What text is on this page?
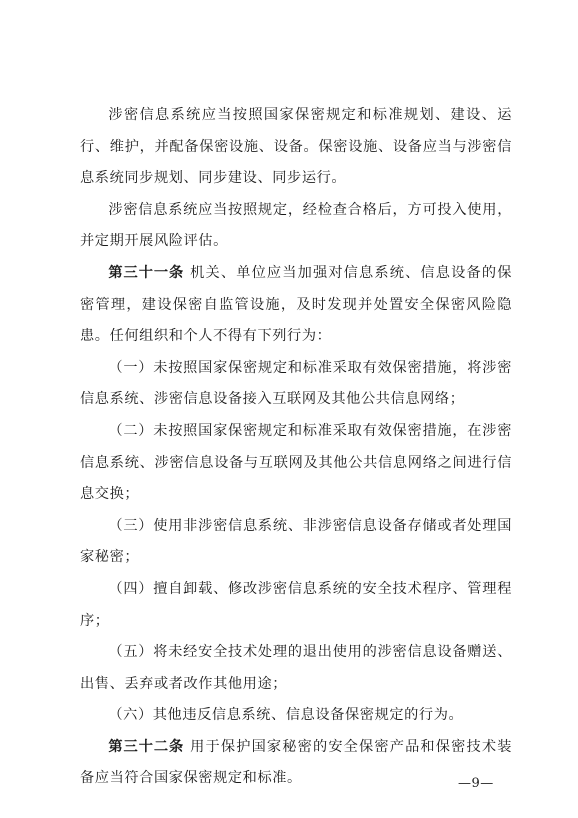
涉密信息系统应当按照国家保密规定和标准规划、建设、运行、维护，并配备保密设施、设备。保密设施、设备应当与涉密信息系统同步规划、同步建设、同步运行。

涉密信息系统应当按照规定，经检查合格后，方可投入使用，并定期开展风险评估。

第三十一条 机关、单位应当加强对信息系统、信息设备的保密管理，建设保密自监管设施，及时发现并处置安全保密风险隐患。任何组织和个人不得有下列行为：

（一）未按照国家保密规定和标准采取有效保密措施，将涉密信息系统、涉密信息设备接入互联网及其他公共信息网络；

（二）未按照国家保密规定和标准采取有效保密措施，在涉密信息系统、涉密信息设备与互联网及其他公共信息网络之间进行信息交换；

（三）使用非涉密信息系统、非涉密信息设备存储或者处理国家秘密；

（四）擅自卸载、修改涉密信息系统的安全技术程序、管理程序；

（五）将未经安全技术处理的退出使用的涉密信息设备赠送、出售、丢弃或者改作其他用途；

（六）其他违反信息系统、信息设备保密规定的行为。

第三十二条 用于保护国家秘密的安全保密产品和保密技术装备应当符合国家保密规定和标准。	—9—
